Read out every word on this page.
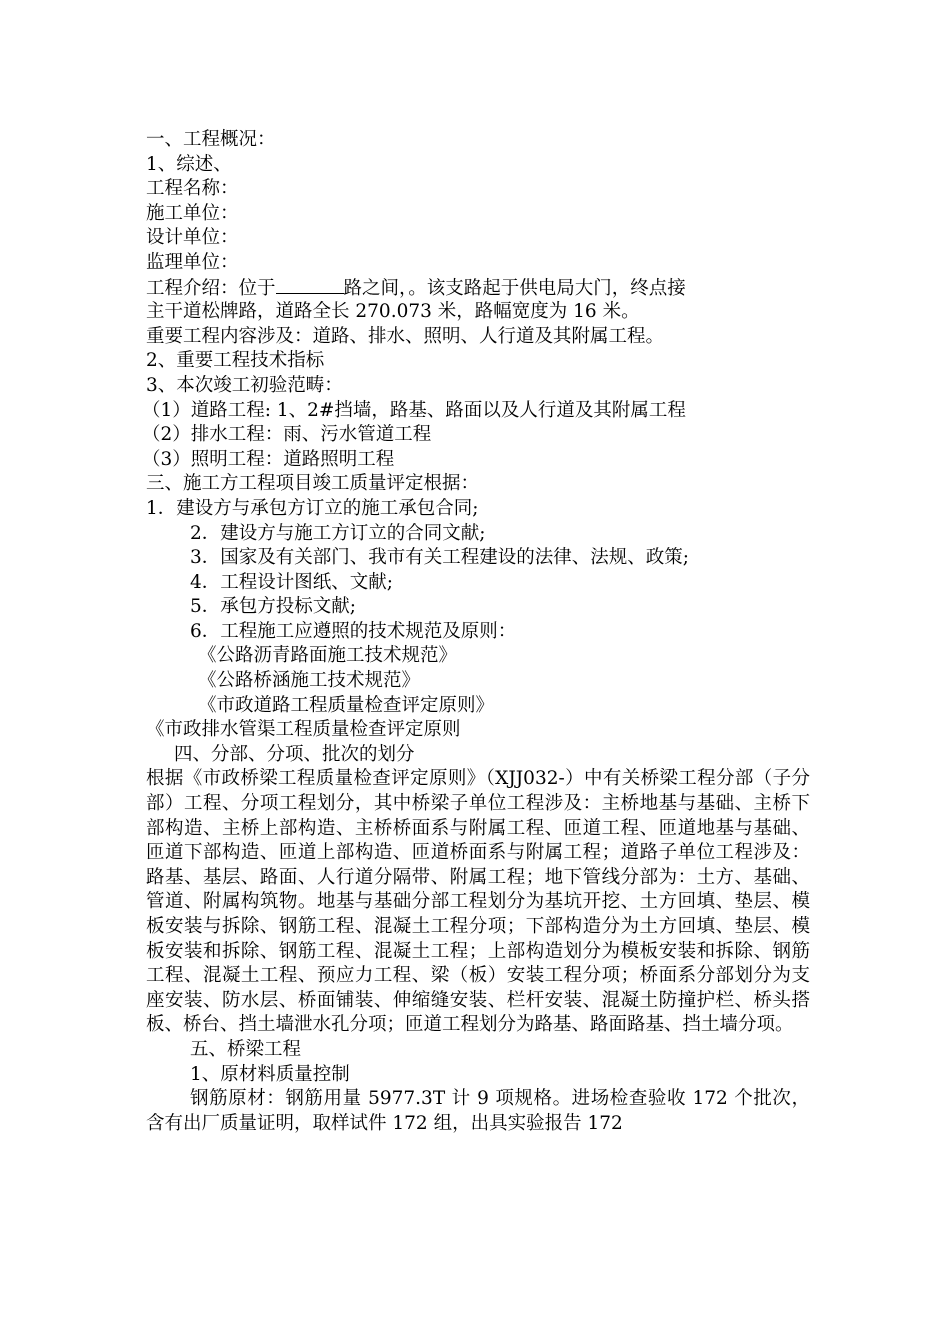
一、工程概况：
1、综述、
工程名称：
施工单位：
设计单位：
监理单位：
工程介绍：位于	路之间，。该支路起于供电局大门，终点接
主干道松牌路，道路全长 270.073 米，路幅宽度为 16 米。
重要工程内容涉及：道路、排水、照明、人行道及其附属工程。
2、重要工程技术指标
3、本次竣工初验范畴：
（1）道路工程: 1、2#挡墙，路基、路面以及人行道及其附属工程
（2）排水工程：雨、污水管道工程
（3）照明工程：道路照明工程
三、施工方工程项目竣工质量评定根据：
1．建设方与承包方订立的施工承包合同;
2．建设方与施工方订立的合同文献;
3．国家及有关部门、我市有关工程建设的法律、法规、政策;
4．工程设计图纸、文献;
5．承包方投标文献;
6．工程施工应遵照的技术规范及原则：
《公路沥青路面施工技术规范》
《公路桥涵施工技术规范》
《市政道路工程质量检查评定原则》
《市政排水管渠工程质量检查评定原则
四、分部、分项、批次的划分
根据《市政桥梁工程质量检查评定原则》（XJJ032-）中有关桥梁工程分部（子分部）工程、分项工程划分，其中桥梁子单位工程涉及：主桥地基与基础、主桥下部构造、主桥上部构造、主桥桥面系与附属工程、匝道工程、匝道地基与基础、匝道下部构造、匝道上部构造、匝道桥面系与附属工程；道路子单位工程涉及：路基、基层、路面、人行道分隔带、附属工程；地下管线分部为：土方、基础、管道、附属构筑物。地基与基础分部工程划分为基坑开挖、土方回填、垫层、模板安装与拆除、钢筋工程、混凝土工程分项；下部构造分为土方回填、垫层、模板安装和拆除、钢筋工程、混凝土工程；上部构造划分为模板安装和拆除、钢筋工程、混凝土工程、预应力工程、梁（板）安装工程分项；桥面系分部划分为支座安装、防水层、桥面铺装、伸缩缝安装、栏杆安装、混凝土防撞护栏、桥头搭板、桥台、挡土墙泄水孔分项；匝道工程划分为路基、路面路基、挡土墙分项。
五、桥梁工程
1、原材料质量控制
钢筋原材：钢筋用量 5977.3T 计 9 项规格。进场检查验收 172 个批次，含有出厂质量证明，取样试件 172 组，出具实验报告 172
